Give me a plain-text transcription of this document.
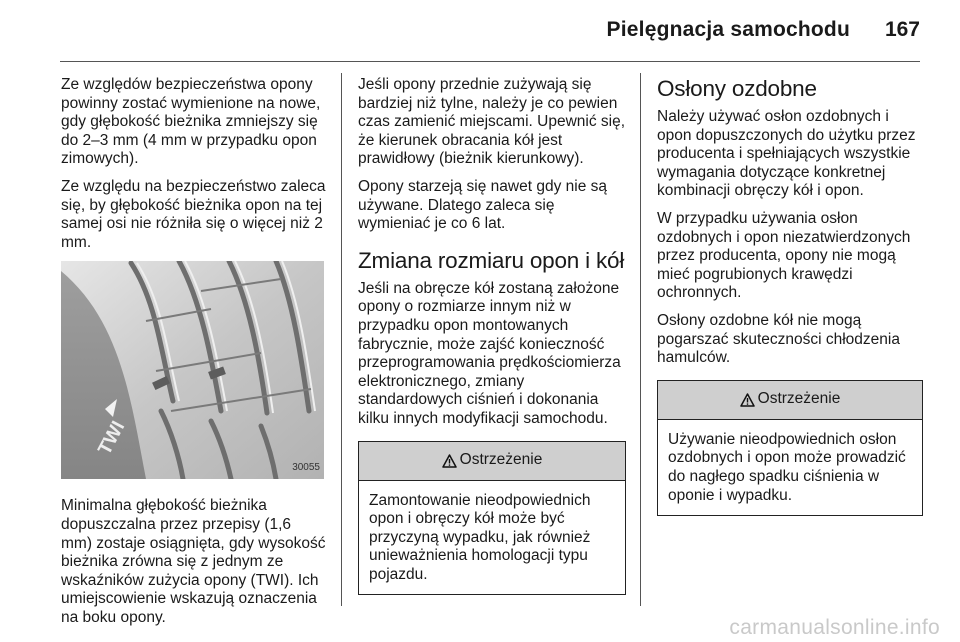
Pielęgnacja samochodu 167

Ze względów bezpieczeństwa opony powinny zostać wymienione na nowe, gdy głębokość bieżnika zmniejszy się do 2–3 mm (4 mm w przypadku opon zimowych).

Ze względu na bezpieczeństwo zaleca się, by głębokość bieżnika opon na tej samej osi nie różniła się o więcej niż 2 mm.

TWI
30055

Minimalna głębokość bieżnika dopuszczalna przez przepisy (1,6 mm) zostaje osiągnięta, gdy wysokość bieżnika zrówna się z jednym ze wskaźników zużycia opony (TWI). Ich umiejscowienie wskazują oznaczenia na boku opony.

Jeśli opony przednie zużywają się bardziej niż tylne, należy je co pewien czas zamienić miejscami. Upewnić się, że kierunek obracania kół jest prawidłowy (bieżnik kierunkowy).

Opony starzeją się nawet gdy nie są używane. Dlatego zaleca się wymieniać je co 6 lat.

Zmiana rozmiaru opon i kół

Jeśli na obręcze kół zostaną założone opony o rozmiarze innym niż w przypadku opon montowanych fabrycznie, może zajść konieczność przeprogramowania prędkościomierza elektronicznego, zmiany standardowych ciśnień i dokonania kilku innych modyfikacji samochodu.

Ostrzeżenie
Zamontowanie nieodpowiednich opon i obręczy kół może być przyczyną wypadku, jak również unieważnienia homologacji typu pojazdu.
Osłony ozdobne

Należy używać osłon ozdobnych i opon dopuszczonych do użytku przez producenta i spełniających wszystkie wymagania dotyczące konkretnej kombinacji obręczy kół i opon.

W przypadku używania osłon ozdobnych i opon niezatwierdzonych przez producenta, opony nie mogą mieć pogrubionych krawędzi ochronnych.

Osłony ozdobne kół nie mogą pogarszać skuteczności chłodzenia hamulców.

Ostrzeżenie
Używanie nieodpowiednich osłon ozdobnych i opon może prowadzić do nagłego spadku ciśnienia w oponie i wypadku.
carmanualsonline.info
